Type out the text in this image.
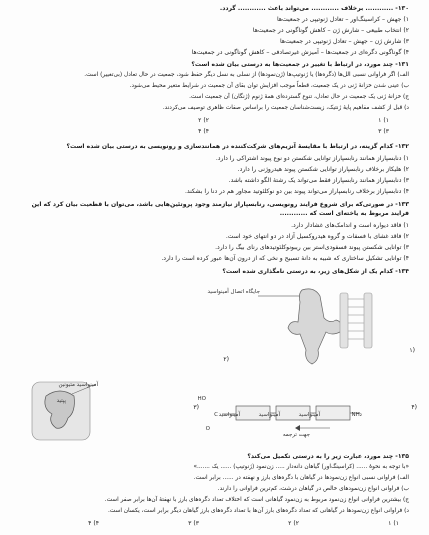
۱۳۰- ............ برخلاف ............ می‌تواند باعث ............ گردد.
۱) جهش – کراسینگ‌اور – تعادل ژنوتیپی در جمعیت‌ها
۲) انتخاب طبیعی – شارش ژن – کاهش گوناگونی در جمعیت‌ها
۳) شارش ژن – جهش – تعادل ژنوتیپی در جمعیت‌ها
۴) گوناگونی دگره‌ای در جمعیت‌ها – آمیزش غیرتصادفی – کاهش گوناگونی در جمعیت‌ها
۱۳۱- چند مورد، در ارتباط با تغییر در جمعیت‌ها به درستی بیان شده است؟
الف) اگر فراوانی نسبی الل‌ها (دگره‌ها) یا ژنوتیپ‌ها (ژن‌نمودها) از نسلی به نسل دیگر حفظ شود، جمعیت در حال تعادل (بی‌تغییر) است.
ب) عینی شدن خزانهٔ ژنی در یک جمعیت، قطعاً موجب افزایش توان بقای آن جمعیت در شرایط متغیر محیط می‌شود.
ج) خزانهٔ ژنی یک جمعیت در حال تعادل، تنوع گسترده‌ای همهٔ ژنوم (ژنگان) آن جمعیت است.
د) قبل از کشف مفاهیم پایهٔ ژنتیک، زیست‌شناسان جمعیت را براساس صفات ظاهری توصیف می‌کردند.
۱) ۱
۲) ۲
۳) ۳
۴) ۴
۱۳۲- کدام گزینه، در ارتباط با مقایسهٔ آنزیم‌های شرکت‌کننده در همانندسازی و رونویسی به درستی بیان شده است؟
۱) دنابسپاراز همانند رنابسپاراز توانایی شکستن دو نوع پیوند اشتراکی را دارد.
۲) هلیکاز برخلاف رنابسپاراز توانایی شکستن پیوند هیدروژنی را دارد.
۳) دنابسپاراز همانند رنابسپاراز فقط می‌تواند یک رشتهٔ الگو داشته باشد.
۴) دنابسپاراز برخلاف رنابسپاراز می‌تواند پیوند بین دو نوکلئوتید مجاور هم در دنا را بشکند.
۱۳۳- در صورتی‌که برای شروع فرایند رونویسی، رنابسپاراز نیازمند وجود پروتئین‌هایی باشد، می‌توان با قطعیت بیان کرد که این فرایند مربوط به یاخته‌ای است که ............
۱) فاقد دیواره است و اندامک‌های غشادار دارد.
۲) فاقد غشای با فسفات و گروه هیدروکسیل آزاد در دو انتهای خود است.
۳) توانایی شکستن پیوند فسفودی‌استر بین ریبونوکلئوتیدهای رنای بیگ را دارد.
۴) توانایی تشکیل ساختاری که شبیه به دانهٔ تسبیح و نخی که از درون آن‌ها عبور کرده است را دارد.
۱۳۴- کدام یک از شکل‌های زیر، به درستی نامگذاری شده است؟
جایگاه اتصال آمینواسید
(۲
(۱
آمینواسید متیونین
پپتید
(۳
HO
C
O
آمینواسید	آمینواسید	آمینواسید	NH₂
جهت ترجمه
(۴
۱۳۵- چند مورد، عبارت زیر را به درستی تکمیل می‌کند؟
«با توجه به نحوهٔ ...... (کراسینگ‌اور) گیاهان دانه‌دار ..... زن‌نمود (ژنوتیپ) ...... یک .......»
الف) فراوانی نسبی انواع زن‌نمودها در گیاهان با دگره‌های بارز و نهفته در ...... برابر است.
ب) فراوانی انواع زن‌نمودهای خالص در گیاهان درشت، کم‌ترین فراوانی را دارند.
ج) بیشترین فراوانی انواع زن‌نمود مربوط به زن‌نمود گیاهانی است که اختلاف تعداد دگره‌های بارز با نهفتهٔ آن‌ها برابر صفر است.
د) فراوانی انواع زن‌نمودها در گیاهانی که تعداد دگره‌های بارز آن‌ها با تعداد دگره‌های بارز گیاهان دیگر برابر است، یکسان است.
۱) ۱
۲) ۲
۳) ۳
۴) ۴
